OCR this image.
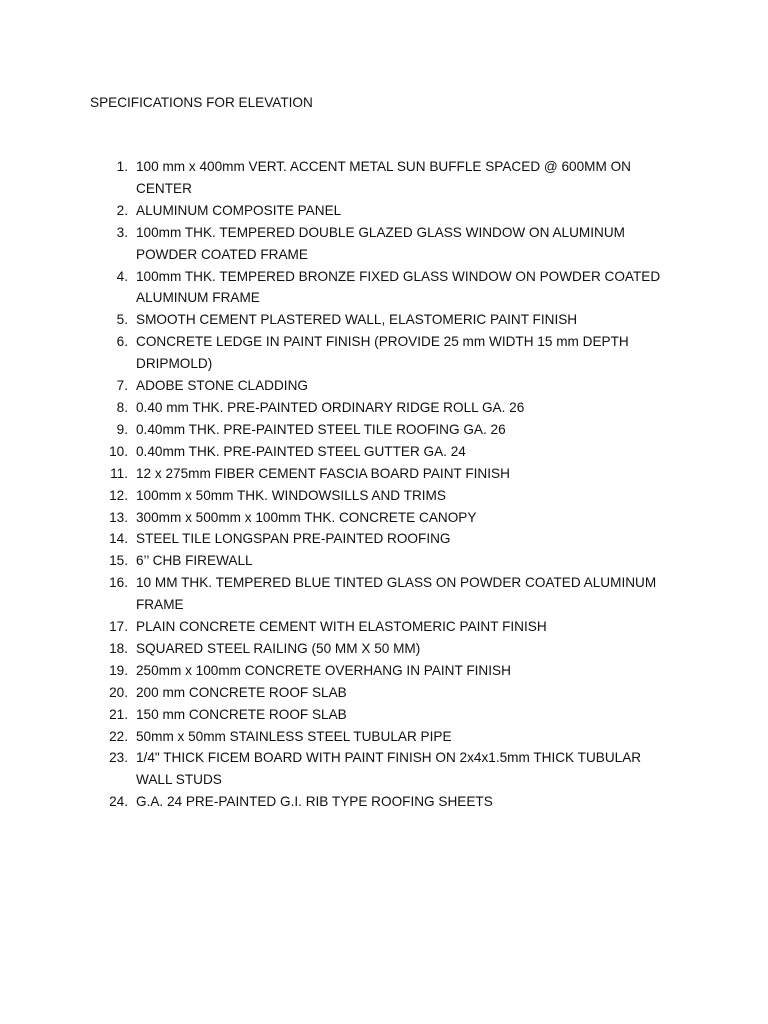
SPECIFICATIONS FOR ELEVATION
1. 100 mm x 400mm VERT. ACCENT METAL SUN BUFFLE SPACED @ 600MM ON CENTER
2. ALUMINUM COMPOSITE PANEL
3. 100mm THK. TEMPERED DOUBLE GLAZED GLASS WINDOW ON ALUMINUM POWDER COATED FRAME
4. 100mm THK. TEMPERED BRONZE FIXED GLASS WINDOW ON POWDER COATED ALUMINUM FRAME
5. SMOOTH CEMENT PLASTERED WALL, ELASTOMERIC PAINT FINISH
6. CONCRETE LEDGE IN PAINT FINISH (PROVIDE 25 mm WIDTH 15 mm DEPTH DRIPMOLD)
7. ADOBE STONE CLADDING
8. 0.40 mm THK. PRE-PAINTED ORDINARY RIDGE ROLL GA. 26
9. 0.40mm THK. PRE-PAINTED STEEL TILE ROOFING GA. 26
10. 0.40mm THK. PRE-PAINTED STEEL GUTTER GA. 24
11. 12 x 275mm FIBER CEMENT FASCIA BOARD PAINT FINISH
12. 100mm x 50mm THK. WINDOWSILLS AND TRIMS
13. 300mm x 500mm x 100mm THK. CONCRETE CANOPY
14. STEEL TILE LONGSPAN PRE-PAINTED ROOFING
15. 6’’ CHB FIREWALL
16. 10 MM THK. TEMPERED BLUE TINTED GLASS ON POWDER COATED ALUMINUM FRAME
17. PLAIN CONCRETE CEMENT WITH ELASTOMERIC PAINT FINISH
18. SQUARED STEEL RAILING (50 MM X 50 MM)
19. 250mm x 100mm CONCRETE OVERHANG IN PAINT FINISH
20. 200 mm CONCRETE ROOF SLAB
21. 150 mm CONCRETE ROOF SLAB
22. 50mm x 50mm STAINLESS STEEL TUBULAR PIPE
23. 1/4" THICK FICEM BOARD WITH PAINT FINISH ON 2x4x1.5mm THICK TUBULAR WALL STUDS
24. G.A. 24 PRE-PAINTED G.I. RIB TYPE ROOFING SHEETS
